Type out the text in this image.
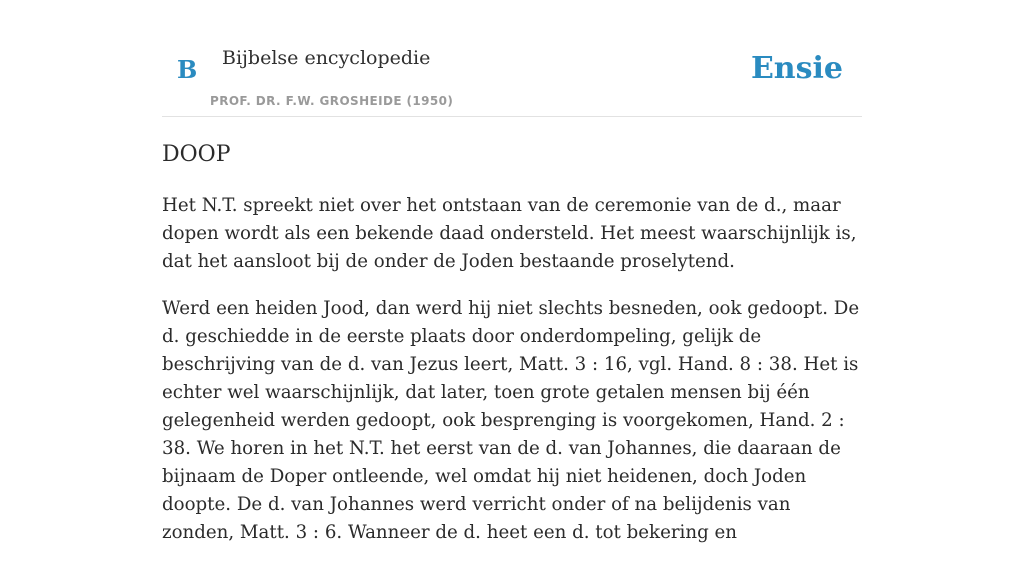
B Bijbelse encyclopedie
PROF. DR. F.W. GROSHEIDE (1950)
Ensie
DOOP

Het N.T. spreekt niet over het ontstaan van de ceremonie van de d., maar dopen wordt als een bekende daad ondersteld. Het meest waarschijnlijk is, dat het aansloot bij de onder de Joden bestaande proselytend.

Werd een heiden Jood, dan werd hij niet slechts besneden, ook gedoopt. De d. geschiedde in de eerste plaats door onderdompeling, gelijk de beschrijving van de d. van Jezus leert, Matt. 3 : 16, vgl. Hand. 8 : 38. Het is echter wel waarschijnlijk, dat later, toen grote getalen mensen bij één gelegenheid werden gedoopt, ook besprenging is voorgekomen, Hand. 2 : 38. We horen in het N.T. het eerst van de d. van Johannes, die daaraan de bijnaam de Doper ontleende, wel omdat hij niet heidenen, doch Joden doopte. De d. van Johannes werd verricht onder of na belijdenis van zonden, Matt. 3 : 6. Wanneer de d. heet een d. tot bekering en
